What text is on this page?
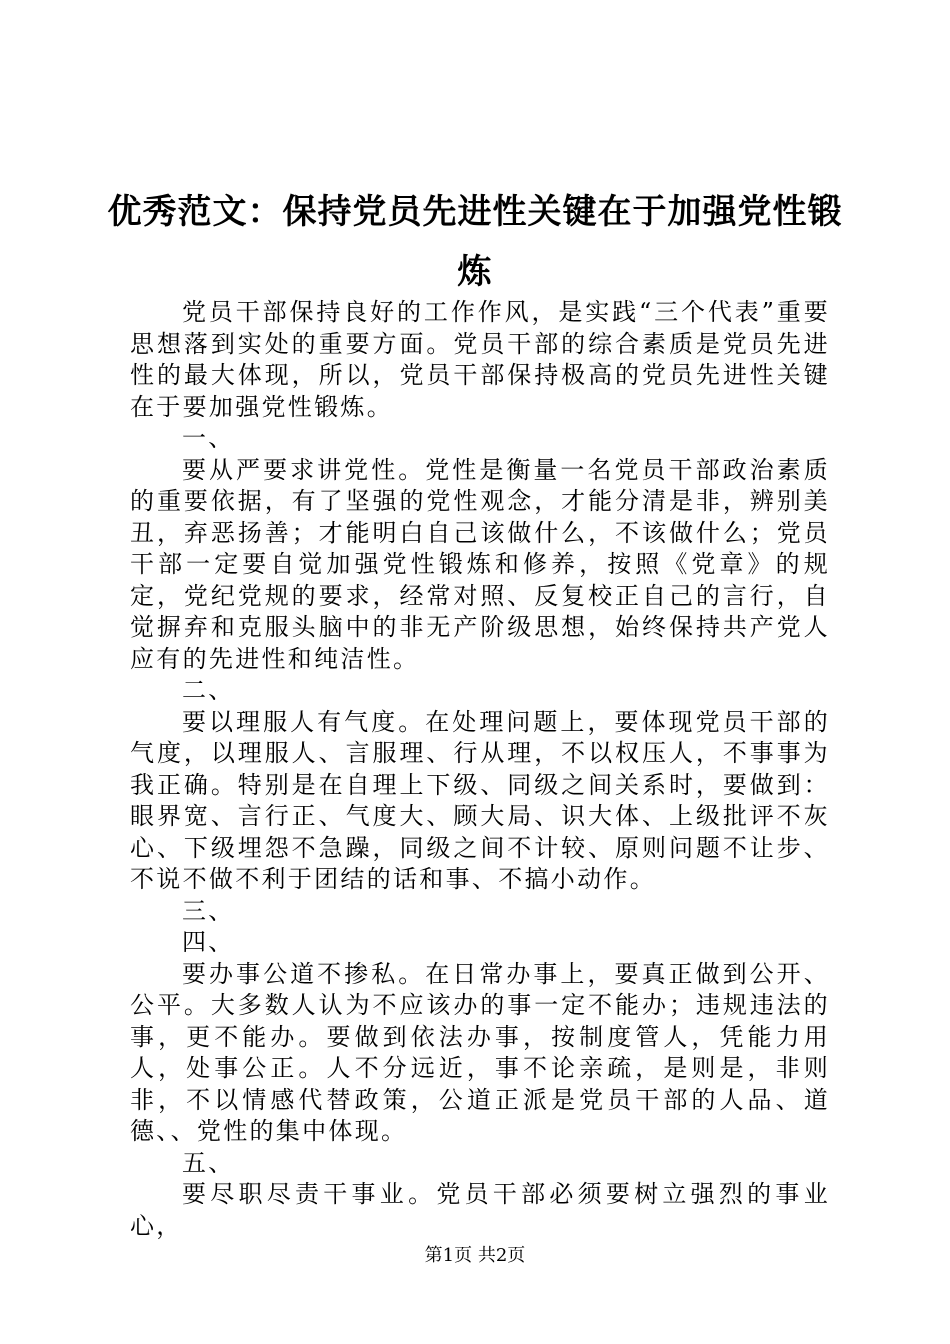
优秀范文：保持党员先进性关键在于加强党性锻炼

党员干部保持良好的工作作风，是实践“三个代表”重要思想落到实处的重要方面。党员干部的综合素质是党员先进性的最大体现，所以，党员干部保持极高的党员先进性关键在于要加强党性锻炼。

一、

要从严要求讲党性。党性是衡量一名党员干部政治素质的重要依据，有了坚强的党性观念，才能分清是非，辨别美丑，弃恶扬善；才能明白自己该做什么，不该做什么；党员干部一定要自觉加强党性锻炼和修养，按照《党章》的规定，党纪党规的要求，经常对照、反复校正自己的言行，自觉摒弃和克服头脑中的非无产阶级思想，始终保持共产党人应有的先进性和纯洁性。

二、

要以理服人有气度。在处理问题上，要体现党员干部的气度，以理服人、言服理、行从理，不以权压人，不事事为我正确。特别是在自理上下级、同级之间关系时，要做到：眼界宽、言行正、气度大、顾大局、识大体、上级批评不灰心、下级埋怨不急躁，同级之间不计较、原则问题不让步、不说不做不利于团结的话和事、不搞小动作。

三、

四、

要办事公道不掺私。在日常办事上，要真正做到公开、公平。大多数人认为不应该办的事一定不能办；违规违法的事，更不能办。要做到依法办事，按制度管人，凭能力用人，处事公正。人不分远近，事不论亲疏，是则是，非则非，不以情感代替政策，公道正派是党员干部的人品、道德、、党性的集中体现。

五、

要尽职尽责干事业。党员干部必须要树立强烈的事业心，

第1页 共2页
